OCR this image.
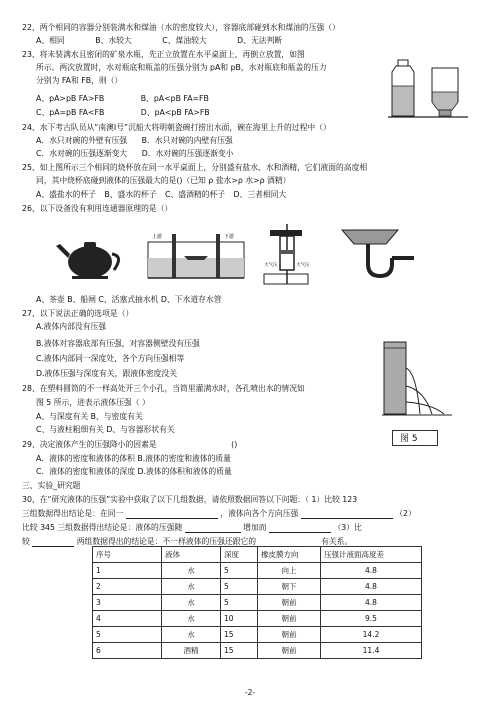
22、两个相同的容器分别装满水和煤油（水的密度较大），容器底部碰到水和煤油的压强（）
A、相同	B、水较大	C、煤油较大	D、无法判断
23、将未装满水且密闭的矿泉水瓶，先正立放置在水平桌面上，再倒立放置，如图
所示。两次放置时，水对瓶底和瓶盖的压强分别为 pA和 pB，水对瓶底和瓶盖的压力
分别为 FA和 FB，则（）
A、pA>pB FA>FB	B、pA<pB FA=FB
C、pA=pB FA<FB	D、pA<pB FA>FB
24、水下考古队员从“南澳Ⅰ号”沉船大将明朝瓷碗打捞出水面，碗在海里上升的过程中（）
A．水只对碗的外壁有压强 B．水只对碗的内壁有压强
C．水对碗的压强逐渐变大 D．水对碗的压强逐渐变小
25、如上图所示三个相同的烧杯放在同一水平桌面上，分别盛有盐水、水和酒精，它们液面的高度相
同，其中烧杯底碰到液体的压强最大的是()（已知 ρ 盐水>ρ 水>ρ 酒精）
A、盛盐水的杯子 B、盛水的杯子 C、盛酒精的杯子 D、三者相同大
26、以下设备没有利用连通器原理的是（）
上游	下游
大气压	大气压
A、茶壶 B、船闸 C、活塞式抽水机 D、下水道存水管
27、以下说法正确的选项是（）
A.液体内部没有压强
B.液体对容器底部有压强，对容器侧壁没有压强
C.液体内部同一深度处，各个方向压强相等
D.液体压强与深度有关，跟液体密度没关
28、在塑料圆筒的不一样高处开三个小孔，当筒里灌满水时，各孔喷出水的情况如
图 5 所示，进表示液体压强（ ）
A、与深度有关 B、与密度有关
C、与液柱粗细有关 D、与容器形状有关
图 5
29、决定液体产生的压强降小的因素是	()
A．液体的密度和液体的体积 B.液体的密度和液体的质量
C．液体的密度和液体的深度 D.液体的体积和液体的质量
三、实验_研究题
30、在“研究液体的压强”实验中获取了以下几组数据，请依照数据回答以下问题：（ 1）比较 123
三组数据得出结论是：在同一	，液体向各个方向压强	（2）
比较 345 三组数据得出结论是：液体的压强随	增加而	（3）比
较	两组数据得出的结论是：不一样液体的压强还跟它的	有关系。
序号	液体	深度	橡皮膜方向	压强计液面高度差
1	水	5	向上	4.8
2	水	5	朝下	4.8
3	水	5	朝前	4.8
4	水	10	朝前	9.5
5	水	15	朝前	14.2
6	酒精	15	朝前	11.4
-2-
